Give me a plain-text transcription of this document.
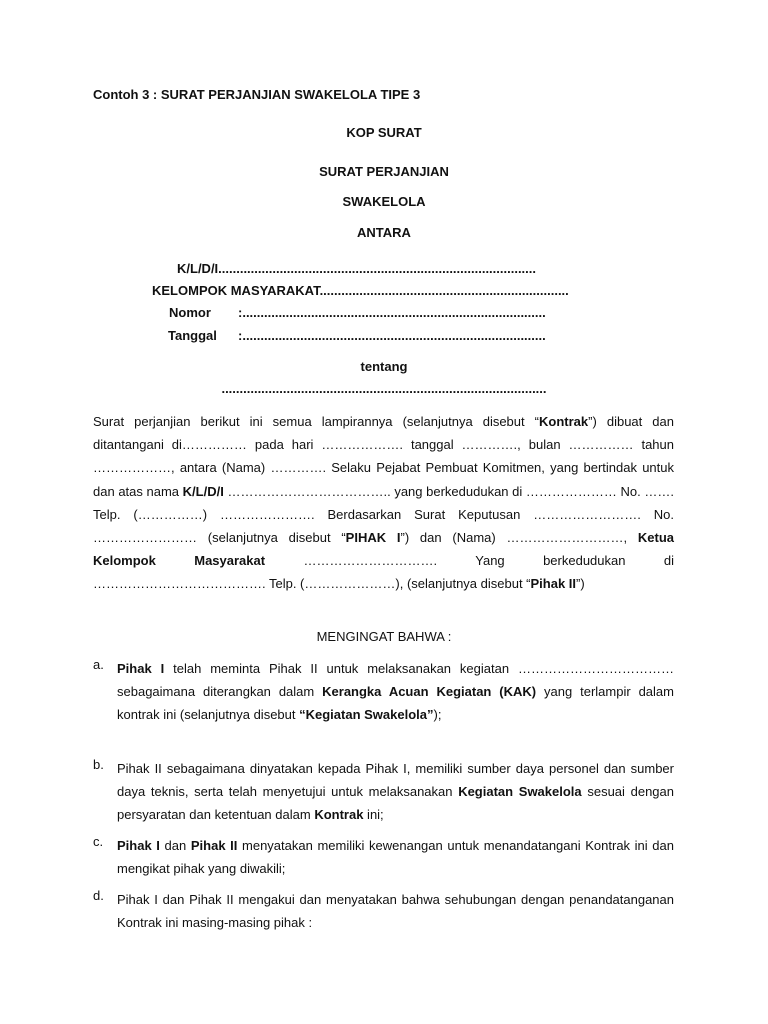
Contoh 3 : SURAT PERJANJIAN SWAKELOLA TIPE 3
KOP SURAT
SURAT PERJANJIAN
SWAKELOLA
ANTARA
K/L/D/I........................................................................................
KELOMPOK MASYARAKAT.....................................................................
Nomor :....................................................................................
Tanggal :....................................................................................
tentang
..........................................................................................
Surat perjanjian berikut ini semua lampirannya (selanjutnya disebut “Kontrak”) dibuat dan ditantangani di…………… pada hari ………………. tanggal …………., bulan …………… tahun ………………, antara (Nama) …………. Selaku Pejabat Pembuat Komitmen, yang bertindak untuk dan atas nama K/L/D/I ……………………………….. yang berkedudukan di ………………… No. ……. Telp. (……………) …………………. Berdasarkan Surat Keputusan ……………………. No. …………………… (selanjutnya disebut “PIHAK I”) dan (Nama) ………………………, Ketua Kelompok Masyarakat …………………………. Yang berkedudukan di …………………………………. Telp. (…………………), (selanjutnya disebut “Pihak II”)
MENGINGAT BAHWA :
a. Pihak I telah meminta Pihak II untuk melaksanakan kegiatan ……………………………… sebagaimana diterangkan dalam Kerangka Acuan Kegiatan (KAK) yang terlampir dalam kontrak ini (selanjutnya disebut “Kegiatan Swakelola”);
b. Pihak II sebagaimana dinyatakan kepada Pihak I, memiliki sumber daya personel dan sumber daya teknis, serta telah menyetujui untuk melaksanakan Kegiatan Swakelola sesuai dengan persyaratan dan ketentuan dalam Kontrak ini;
c. Pihak I dan Pihak II menyatakan memiliki kewenangan untuk menandatangani Kontrak ini dan mengikat pihak yang diwakili;
d. Pihak I dan Pihak II mengakui dan menyatakan bahwa sehubungan dengan penandatanganan Kontrak ini masing-masing pihak :
